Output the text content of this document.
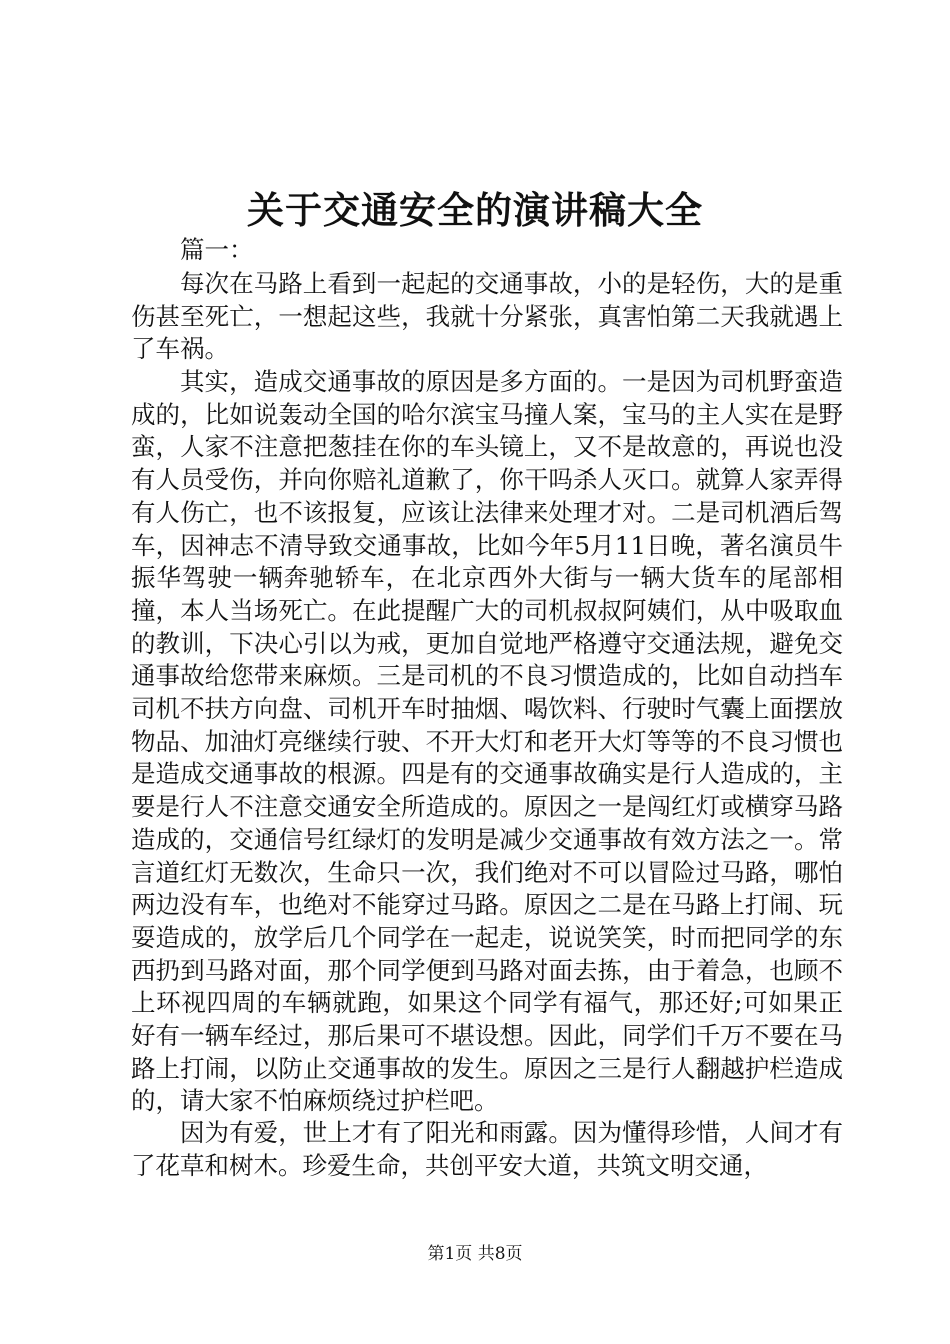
关于交通安全的演讲稿大全

篇一：

每次在马路上看到一起起的交通事故，小的是轻伤，大的是重伤甚至死亡，一想起这些，我就十分紧张，真害怕第二天我就遇上了车祸。

其实，造成交通事故的原因是多方面的。一是因为司机野蛮造成的，比如说轰动全国的哈尔滨宝马撞人案，宝马的主人实在是野蛮，人家不注意把葱挂在你的车头镜上，又不是故意的，再说也没有人员受伤，并向你赔礼道歉了，你干吗杀人灭口。就算人家弄得有人伤亡，也不该报复，应该让法律来处理才对。二是司机酒后驾车，因神志不清导致交通事故，比如今年5月11日晚，著名演员牛振华驾驶一辆奔驰轿车，在北京西外大街与一辆大货车的尾部相撞，本人当场死亡。在此提醒广大的司机叔叔阿姨们，从中吸取血的教训，下决心引以为戒，更加自觉地严格遵守交通法规，避免交通事故给您带来麻烦。三是司机的不良习惯造成的，比如自动挡车司机不扶方向盘、司机开车时抽烟、喝饮料、行驶时气囊上面摆放物品、加油灯亮继续行驶、不开大灯和老开大灯等等的不良习惯也是造成交通事故的根源。四是有的交通事故确实是行人造成的，主要是行人不注意交通安全所造成的。原因之一是闯红灯或横穿马路造成的，交通信号红绿灯的发明是减少交通事故有效方法之一。常言道红灯无数次，生命只一次，我们绝对不可以冒险过马路，哪怕两边没有车，也绝对不能穿过马路。原因之二是在马路上打闹、玩耍造成的，放学后几个同学在一起走，说说笑笑，时而把同学的东西扔到马路对面，那个同学便到马路对面去拣，由于着急，也顾不上环视四周的车辆就跑，如果这个同学有福气，那还好;可如果正好有一辆车经过，那后果可不堪设想。因此，同学们千万不要在马路上打闹，以防止交通事故的发生。原因之三是行人翻越护栏造成的，请大家不怕麻烦绕过护栏吧。

因为有爱，世上才有了阳光和雨露。因为懂得珍惜，人间才有了花草和树木。珍爱生命，共创平安大道，共筑文明交通，

第1页 共8页
